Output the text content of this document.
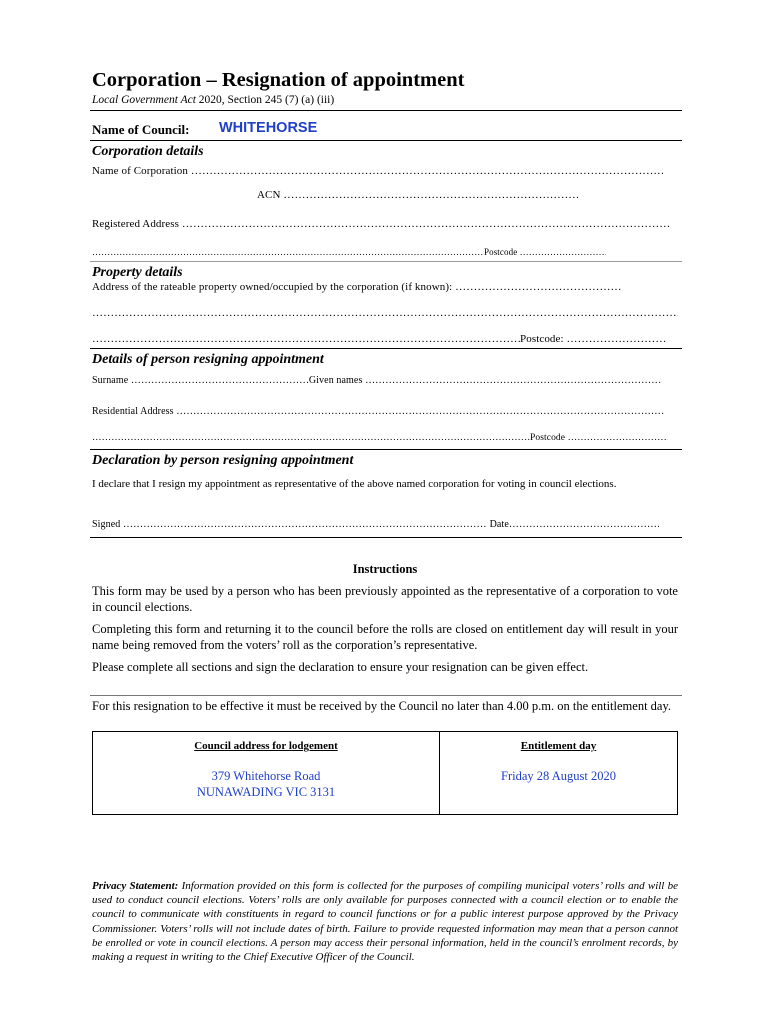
Corporation – Resignation of appointment
Local Government Act 2020, Section 245 (7) (a) (iii)
Name of Council: WHITEHORSE
Corporation details
Name of Corporation …………………………………………………………………………………………………………………………………………………………………………………………………………
ACN …………………………………………………………………………………………………………………………………………………………………………………………………………
Registered Address …………………………………………………………………………………………………………………………………………………………………………………………………………
…………………………………………………………………………………………………………………………………………………………………………………………………………Postcode …………………………………………………………………………………………………………………………………………………………………………………………………………
Property details
Address of the rateable property owned/occupied by the corporation (if known): …………………………………………………………………………………………………………………………………………………………………………………………………………
…………………………………………………………………………………………………………………………………………………………………………………………………………
…………………………………………………………………………………………………………………………………………………………………………………………………………Postcode: …………………………………………………………………………………………………………………………………………………………………………………………………………
Details of person resigning appointment
Surname …………………………………………………………………………………………………………………………………………………………………………………………………………	Given names …………………………………………………………………………………………………………………………………………………………………………………………………………
Residential Address …………………………………………………………………………………………………………………………………………………………………………………………………………
…………………………………………………………………………………………………………………………………………………………………………………………………………Postcode …………………………………………………………………………………………………………………………………………………………………………………………………………
Declaration by person resigning appointment
I declare that I resign my appointment as representative of the above named corporation for voting in council elections.
Signed …………………………………………………………………………………………………………………………………………………………………………………………………………	Date…………………………………………………………………………………………………………………………………………………………………………………………………………
Instructions
This form may be used by a person who has been previously appointed as the representative of a corporation to vote in council elections.
Completing this form and returning it to the council before the rolls are closed on entitlement day will result in your name being removed from the voters’ roll as the corporation’s representative.
Please complete all sections and sign the declaration to ensure your resignation can be given effect.
For this resignation to be effective it must be received by the Council no later than 4.00 p.m. on the entitlement day.
Council address for lodgement	Entitlement day
379 Whitehorse Road
NUNAWADING VIC 3131
Friday 28 August 2020
Privacy Statement: Information provided on this form is collected for the purposes of compiling municipal voters’ rolls and will be used to conduct council elections. Voters’ rolls are only available for purposes connected with a council election or to enable the council to communicate with constituents in regard to council functions or for a public interest purpose approved by the Privacy Commissioner. Voters’ rolls will not include dates of birth. Failure to provide requested information may mean that a person cannot be enrolled or vote in council elections. A person may access their personal information, held in the council’s enrolment records, by making a request in writing to the Chief Executive Officer of the Council.
